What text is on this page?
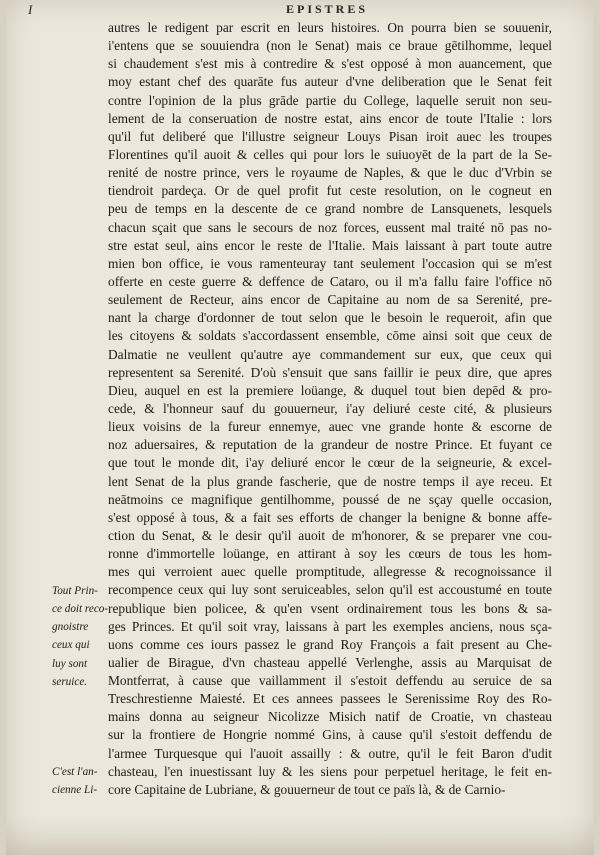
I	EPISTRES
autres le redigent par escrit en leurs histoires. On pourra bien se souuenir,
i'entens que se souuiendra (non le Senat) mais ce braue gētilhomme, lequel
si chaudement s'est mis à contredire & s'est opposé à mon auancement, que
moy estant chef des quarāte fus auteur d'vne deliberation que le Senat feit
contre l'opinion de la plus grāde partie du College, laquelle seruit non seu-
lement de la conseruation de nostre estat, ains encor de toute l'Italie : lors
qu'il fut deliberé que l'illustre seigneur Louys Pisan iroit auec les troupes
Florentines qu'il auoit & celles qui pour lors le suiuoyēt de la part de la Se-
renité de nostre prince, vers le royaume de Naples, & que le duc d'Vrbin se
tiendroit pardeça. Or de quel profit fut ceste resolution, on le cogneut en
peu de temps en la descente de ce grand nombre de Lansquenets, lesquels
chacun sçait que sans le secours de noz forces, eussent mal traité nō pas no-
stre estat seul, ains encor le reste de l'Italie. Mais laissant à part toute autre
mien bon office, ie vous ramenteuray tant seulement l'occasion qui se m'est
offerte en ceste guerre & deffence de Cataro, ou il m'a fallu faire l'office nō
seulement de Recteur, ains encor de Capitaine au nom de sa Serenité, pre-
nant la charge d'ordonner de tout selon que le besoin le requeroit, afin que
les citoyens & soldats s'accordassent ensemble, cōme ainsi soit que ceux de
Dalmatie ne veullent qu'autre aye commandement sur eux, que ceux qui
representent sa Serenité. D'où s'ensuit que sans faillir ie peux dire, que apres
Dieu, auquel en est la premiere loüange, & duquel tout bien depēd & pro-
cede, & l'honneur sauf du gouuerneur, i'ay deliuré ceste cité, & plusieurs
lieux voisins de la fureur ennemye, auec vne grande honte & escorne de
noz aduersaires, & reputation de la grandeur de nostre Prince. Et fuyant ce
que tout le monde dit, i'ay deliuré encor le cœur de la seigneurie, & excel-
lent Senat de la plus grande fascherie, que de nostre temps il aye receu. Et
neātmoins ce magnifique gentilhomme, poussé de ne sçay quelle occasion,
s'est opposé à tous, & a fait ses efforts de changer la benigne & bonne affe-
ction du Senat, & le desir qu'il auoit de m'honorer, & se preparer vne cou-
ronne d'immortelle loüange, en attirant à soy les cœurs de tous les hom-
mes qui verroient auec quelle promptitude, allegresse & recognoissance il
recompence ceux qui luy sont seruiceables, selon qu'il est accoustumé en toute
republique bien policee, & qu'en vsent ordinairement tous les bons & sa-
ges Princes. Et qu'il soit vray, laissans à part les exemples anciens, nous sça-
uons comme ces iours passez le grand Roy François a fait present au Che-
ualier de Birague, d'vn chasteau appellé Verlenghe, assis au Marquisat de
Montferrat, à cause que vaillamment il s'estoit deffendu au seruice de sa
Treschrestienne Maiesté. Et ces annees passees le Serenissime Roy des Ro-
mains donna au seigneur Nicolizze Misich natif de Croatie, vn chasteau
sur la frontiere de Hongrie nommé Gins, à cause qu'il s'estoit deffendu de
l'armee Turquesque qui l'auoit assailly : & outre, qu'il le feit Baron d'udit
chasteau, l'en inuestissant luy & les siens pour perpetuel heritage, le feit en-
core Capitaine de Lubriane, & gouuerneur de tout ce païs là, & de Carnio-
Tout Prin-
ce doit reco-
gnoistre
ceux qui
luy sont
seruice.
C'est l'an-
cienne Li-
